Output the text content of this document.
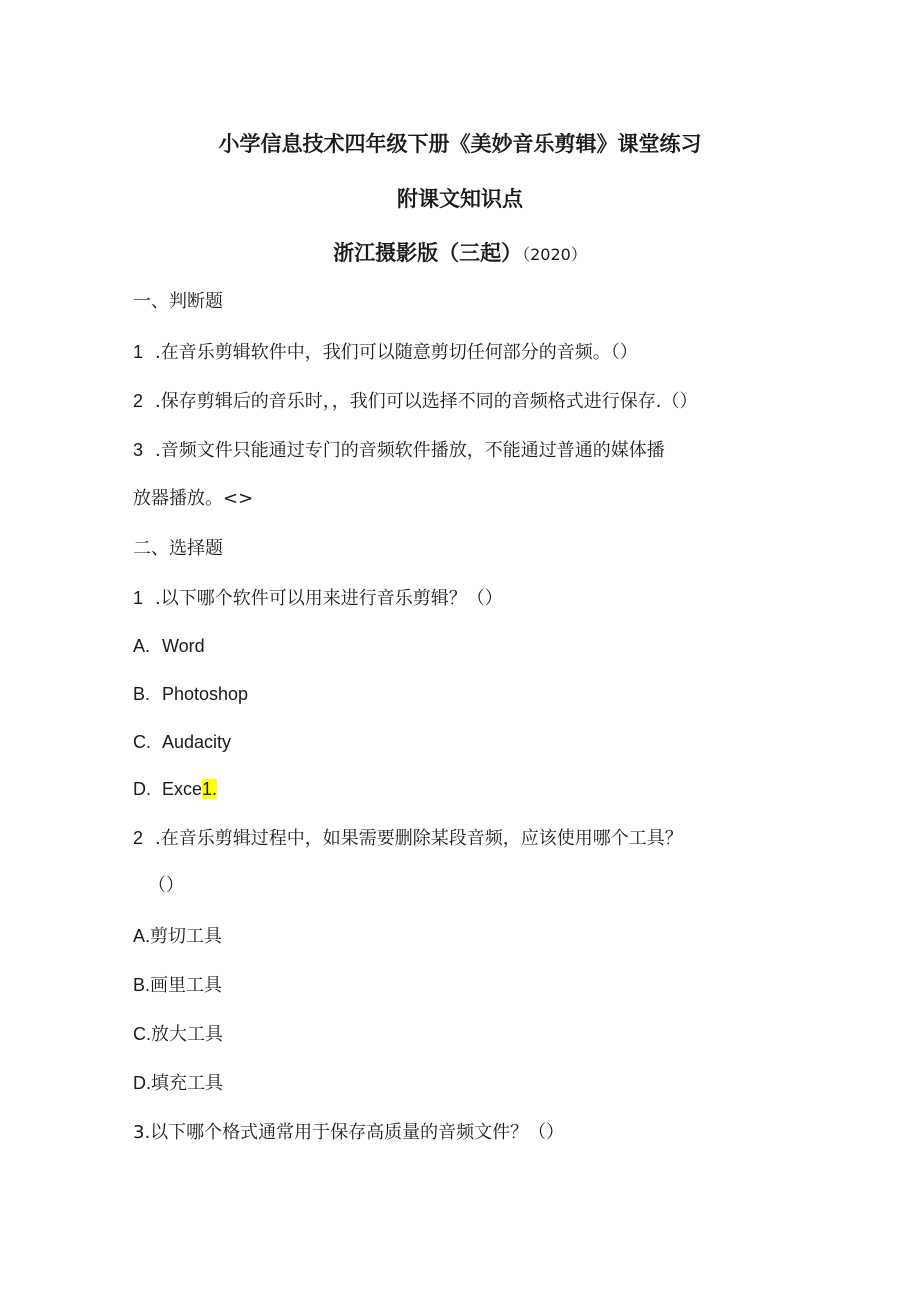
小学信息技术四年级下册《美妙音乐剪辑》课堂练习
附课文知识点
浙江摄影版（三起）（2020）
一、判断题
1 .在音乐剪辑软件中，我们可以随意剪切任何部分的音频。（）
2 .保存剪辑后的音乐时，，我们可以选择不同的音频格式进行保存.（）
3 .音频文件只能通过专门的音频软件播放，不能通过普通的媒体播
放器播放。<>
二、选择题
1 .以下哪个软件可以用来进行音乐剪辑？（）
A. Word
B. Photoshop
C. Audacity
D. Exce1.
2 .在音乐剪辑过程中，如果需要删除某段音频，应该使用哪个工具？
（）
A.剪切工具
B.画里工具
C.放大工具
D.填充工具
3.以下哪个格式通常用于保存高质量的音频文件？（）
